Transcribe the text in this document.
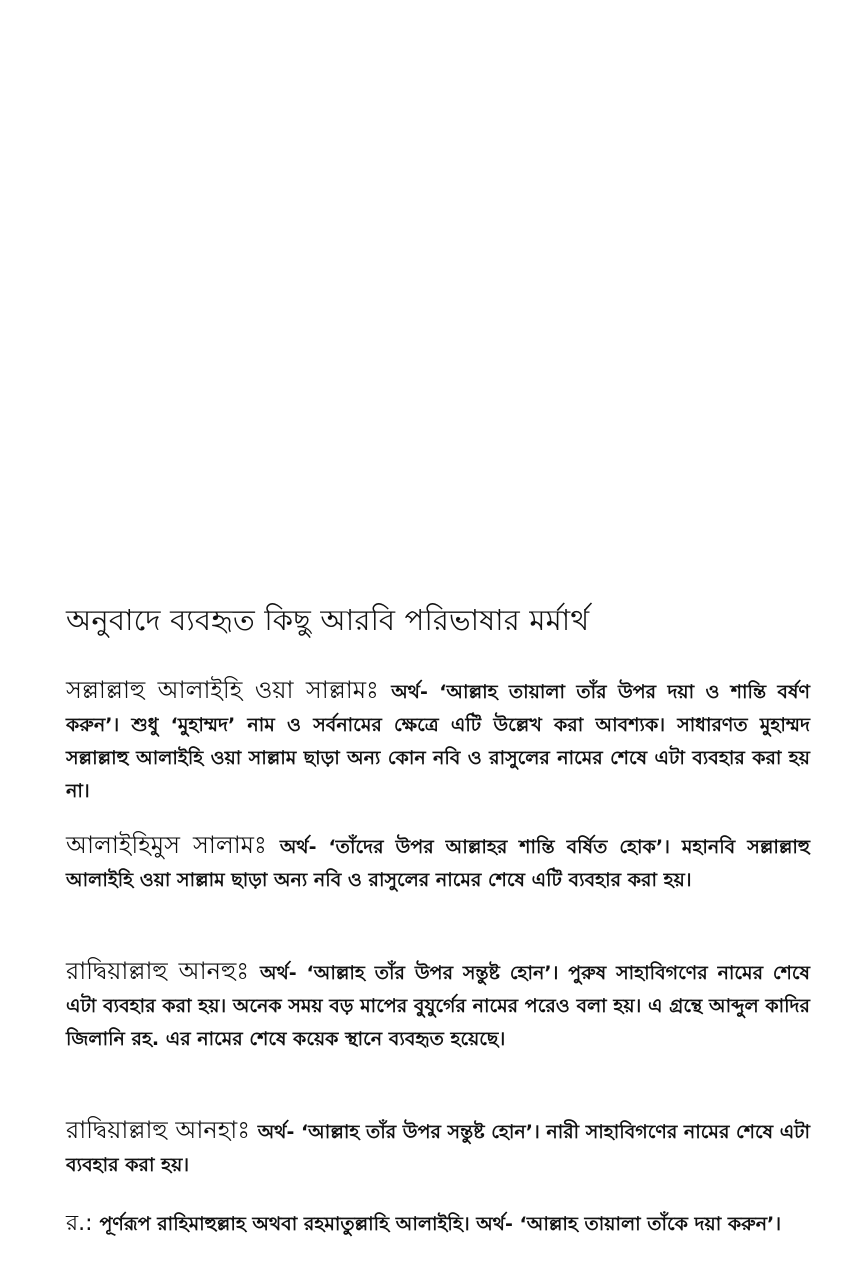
অনুবাদে ব্যবহৃত কিছু আরবি পরিভাষার মর্মার্থ
সল্লাল্লাহু আলাইহি ওয়া সাল্লামঃ অর্থ- ‘আল্লাহ তায়ালা তাঁর উপর দয়া ও শান্তি বর্ষণ করুন’। শুধু ‘মুহাম্মদ’ নাম ও সর্বনামের ক্ষেত্রে এটি উল্লেখ করা আবশ্যক। সাধারণত মুহাম্মদ সল্লাল্লাহু আলাইহি ওয়া সাল্লাম ছাড়া অন্য কোন নবি ও রাসুলের নামের শেষে এটা ব্যবহার করা হয় না।
আলাইহিমুস সালামঃ অর্থ- ‘তাঁদের উপর আল্লাহর শান্তি বর্ষিত হোক’। মহানবি সল্লাল্লাহু আলাইহি ওয়া সাল্লাম ছাড়া অন্য নবি ও রাসুলের নামের শেষে এটি ব্যবহার করা হয়।
রাদ্বিয়াল্লাহু আনহুঃ অর্থ- ‘আল্লাহ তাঁর উপর সন্তুষ্ট হোন’। পুরুষ সাহাবিগণের নামের শেষে এটা ব্যবহার করা হয়। অনেক সময় বড় মাপের বুযুর্গের নামের পরেও বলা হয়। এ গ্রন্থে আব্দুল কাদির জিলানি রহ. এর নামের শেষে কয়েক স্থানে ব্যবহৃত হয়েছে।
রাদ্বিয়াল্লাহু আনহাঃ অর্থ- ‘আল্লাহ তাঁর উপর সন্তুষ্ট হোন’। নারী সাহাবিগণের নামের শেষে এটা ব্যবহার করা হয়।
র.: পূর্ণরূপ রাহিমাহুল্লাহ অথবা রহমাতুল্লাহি আলাইহি। অর্থ- ‘আল্লাহ তায়ালা তাঁকে দয়া করুন’।
